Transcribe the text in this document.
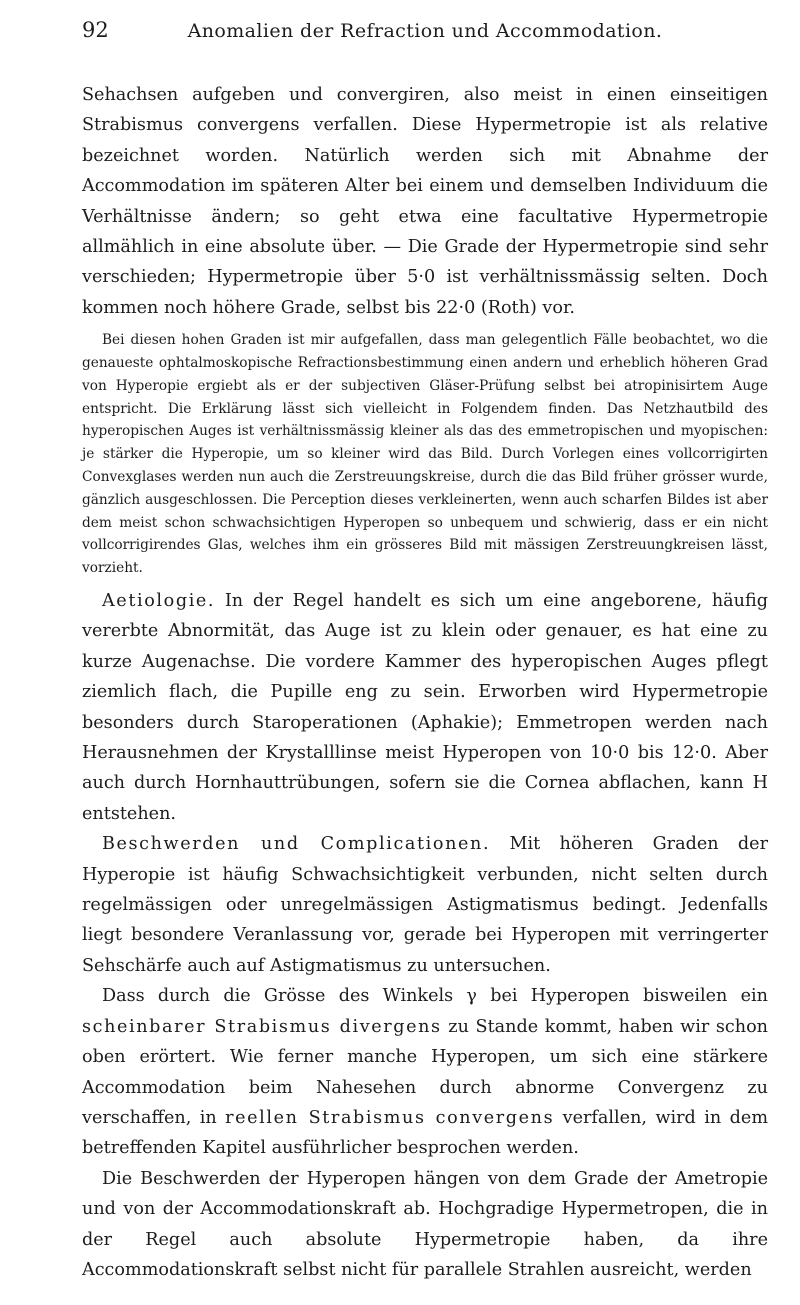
92	Anomalien der Refraction und Accommodation.

Sehachsen aufgeben und convergiren, also meist in einen einseitigen Strabismus convergens verfallen. Diese Hypermetropie ist als relative bezeichnet worden. Natürlich werden sich mit Abnahme der Accommodation im späteren Alter bei einem und demselben Individuum die Verhältnisse ändern; so geht etwa eine facultative Hypermetropie allmählich in eine absolute über. — Die Grade der Hypermetropie sind sehr verschieden; Hypermetropie über 5·0 ist verhältnissmässig selten. Doch kommen noch höhere Grade, selbst bis 22·0 (Roth) vor.

Bei diesen hohen Graden ist mir aufgefallen, dass man gelegentlich Fälle beobachtet, wo die genaueste ophtalmoskopische Refractionsbestimmung einen andern und erheblich höheren Grad von Hyperopie ergiebt als er der subjectiven Gläser-Prüfung selbst bei atropinisirtem Auge entspricht. Die Erklärung lässt sich vielleicht in Folgendem finden. Das Netzhautbild des hyperopischen Auges ist verhältnissmässig kleiner als das des emmetropischen und myopischen: je stärker die Hyperopie, um so kleiner wird das Bild. Durch Vorlegen eines vollcorrigirten Convexglases werden nun auch die Zerstreuungskreise, durch die das Bild früher grösser wurde, gänzlich ausgeschlossen. Die Perception dieses verkleinerten, wenn auch scharfen Bildes ist aber dem meist schon schwachsichtigen Hyperopen so unbequem und schwierig, dass er ein nicht vollcorrigirendes Glas, welches ihm ein grösseres Bild mit mässigen Zerstreuungkreisen lässt, vorzieht.

Aetiologie. In der Regel handelt es sich um eine angeborene, häufig vererbte Abnormität, das Auge ist zu klein oder genauer, es hat eine zu kurze Augenachse. Die vordere Kammer des hyperopischen Auges pflegt ziemlich flach, die Pupille eng zu sein. Erworben wird Hypermetropie besonders durch Staroperationen (Aphakie); Emmetropen werden nach Herausnehmen der Krystalllinse meist Hyperopen von 10·0 bis 12·0. Aber auch durch Hornhauttrübungen, sofern sie die Cornea abflachen, kann H entstehen.

Beschwerden und Complicationen. Mit höheren Graden der Hyperopie ist häufig Schwachsichtigkeit verbunden, nicht selten durch regelmässigen oder unregelmässigen Astigmatismus bedingt. Jedenfalls liegt besondere Veranlassung vor, gerade bei Hyperopen mit verringerter Sehschärfe auch auf Astigmatismus zu untersuchen.

Dass durch die Grösse des Winkels γ bei Hyperopen bisweilen ein scheinbarer Strabismus divergens zu Stande kommt, haben wir schon oben erörtert. Wie ferner manche Hyperopen, um sich eine stärkere Accommodation beim Nahesehen durch abnorme Convergenz zu verschaffen, in reellen Strabismus convergens verfallen, wird in dem betreffenden Kapitel ausführlicher besprochen werden.

Die Beschwerden der Hyperopen hängen von dem Grade der Ametropie und von der Accommodationskraft ab. Hochgradige Hypermetropen, die in der Regel auch absolute Hypermetropie haben, da ihre Accommodationskraft selbst nicht für parallele Strahlen ausreicht, werden
